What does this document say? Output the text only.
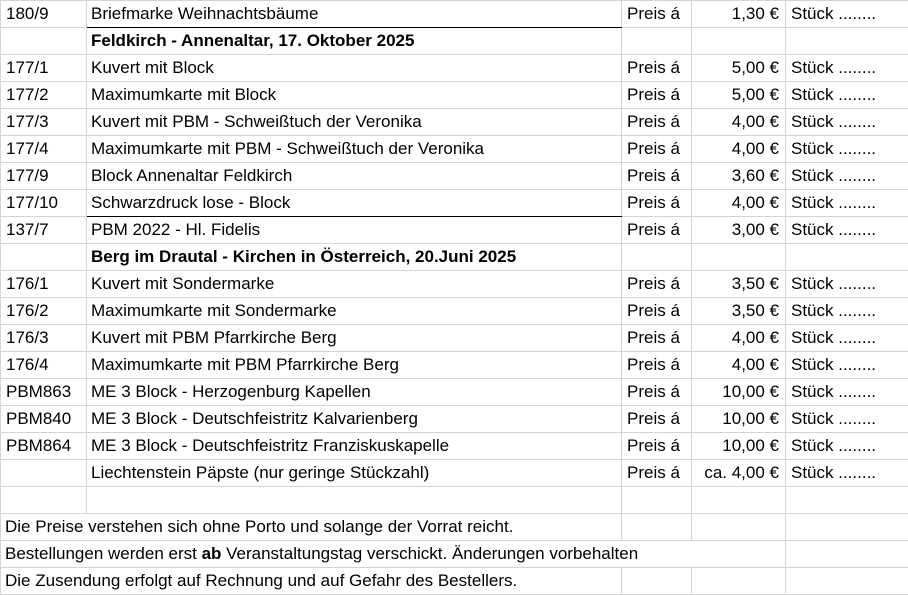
180/9	Briefmarke Weihnachtsbäume	Preis á	1,30 €	Stück ........
	Feldkirch - Annenaltar, 17. Oktober 2025			
177/1	Kuvert mit Block	Preis á	5,00 €	Stück ........
177/2	Maximumkarte mit Block	Preis á	5,00 €	Stück ........
177/3	Kuvert mit PBM - Schweißtuch der Veronika	Preis á	4,00 €	Stück ........
177/4	Maximumkarte mit PBM - Schweißtuch der Veronika	Preis á	4,00 €	Stück ........
177/9	Block Annenaltar Feldkirch	Preis á	3,60 €	Stück ........
177/10	Schwarzdruck lose - Block	Preis á	4,00 €	Stück ........
137/7	PBM 2022 - Hl. Fidelis	Preis á	3,00 €	Stück ........
	Berg im Drautal - Kirchen in Österreich, 20.Juni 2025			
176/1	Kuvert mit Sondermarke	Preis á	3,50 €	Stück ........
176/2	Maximumkarte mit Sondermarke	Preis á	3,50 €	Stück ........
176/3	Kuvert mit PBM Pfarrkirche Berg	Preis á	4,00 €	Stück ........
176/4	Maximumkarte mit PBM Pfarrkirche Berg	Preis á	4,00 €	Stück ........
PBM863	ME 3 Block - Herzogenburg Kapellen	Preis á	10,00 €	Stück ........
PBM840	ME 3 Block - Deutschfeistritz Kalvarienberg	Preis á	10,00 €	Stück ........
PBM864	ME 3 Block - Deutschfeistritz Franziskuskapelle	Preis á	10,00 €	Stück ........
	Liechtenstein Päpste (nur geringe Stückzahl)	Preis á	ca. 4,00 €	Stück ........

Die Preise verstehen sich ohne Porto und solange der Vorrat reicht.				
Bestellungen werden erst ab Veranstaltungstag verschickt. Änderungen vorbehalten				
Die Zusendung erfolgt auf Rechnung und auf Gefahr des Bestellers.				
